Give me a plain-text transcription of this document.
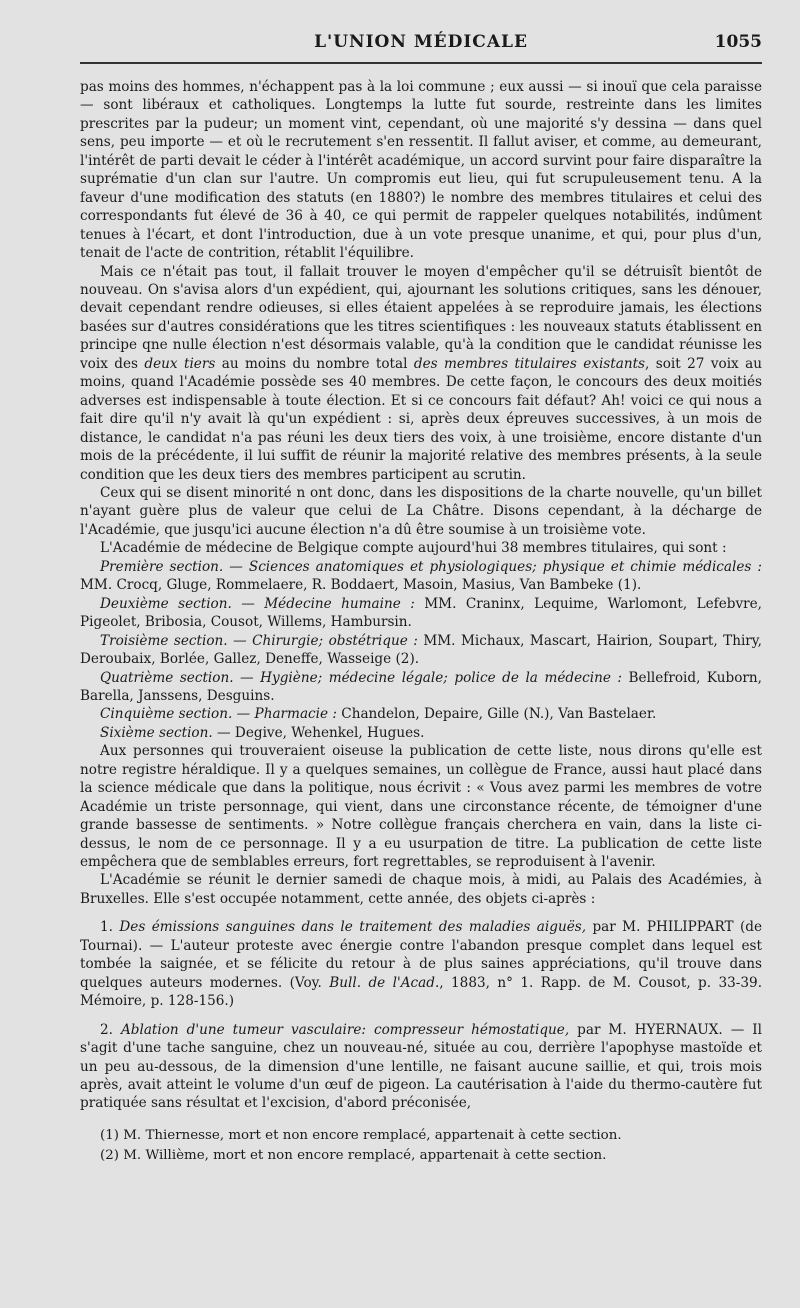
L'UNION MÉDICALE	1055

pas moins des hommes, n'échappent pas à la loi commune ; eux aussi — si inouï que cela paraisse — sont libéraux et catholiques. Longtemps la lutte fut sourde, restreinte dans les limites prescrites par la pudeur; un moment vint, cependant, où une majorité s'y dessina — dans quel sens, peu importe — et où le recrutement s'en ressentit. Il fallut aviser, et comme, au demeurant, l'intérêt de parti devait le céder à l'intérêt académique, un accord survint pour faire disparaître la suprématie d'un clan sur l'autre. Un compromis eut lieu, qui fut scrupuleusement tenu. A la faveur d'une modification des statuts (en 1880?) le nombre des membres titulaires et celui des correspondants fut élevé de 36 à 40, ce qui permit de rappeler quelques notabilités, indûment tenues à l'écart, et dont l'introduction, due à un vote presque unanime, et qui, pour plus d'un, tenait de l'acte de contrition, rétablit l'équilibre.

Mais ce n'était pas tout, il fallait trouver le moyen d'empêcher qu'il se détruisît bientôt de nouveau. On s'avisa alors d'un expédient, qui, ajournant les solutions critiques, sans les dénouer, devait cependant rendre odieuses, si elles étaient appelées à se reproduire jamais, les élections basées sur d'autres considérations que les titres scientifiques : les nouveaux statuts établissent en principe qne nulle élection n'est désormais valable, qu'à la condition que le candidat réunisse les voix des deux tiers au moins du nombre total des membres titulaires existants, soit 27 voix au moins, quand l'Académie possède ses 40 membres. De cette façon, le concours des deux moitiés adverses est indispensable à toute élection. Et si ce concours fait défaut? Ah! voici ce qui nous a fait dire qu'il n'y avait là qu'un expédient : si, après deux épreuves successives, à un mois de distance, le candidat n'a pas réuni les deux tiers des voix, à une troisième, encore distante d'un mois de la précédente, il lui suffit de réunir la majorité relative des membres présents, à la seule condition que les deux tiers des membres participent au scrutin.

Ceux qui se disent minorité n ont donc, dans les dispositions de la charte nouvelle, qu'un billet n'ayant guère plus de valeur que celui de La Châtre. Disons cependant, à la décharge de l'Académie, que jusqu'ici aucune élection n'a dû être soumise à un troisième vote.

L'Académie de médecine de Belgique compte aujourd'hui 38 membres titulaires, qui sont :

Première section. — Sciences anatomiques et physiologiques; physique et chimie médicales : MM. Crocq, Gluge, Rommelaere, R. Boddaert, Masoin, Masius, Van Bambeke (1).

Deuxième section. — Médecine humaine : MM. Craninx, Lequime, Warlomont, Lefebvre, Pigeolet, Bribosia, Cousot, Willems, Hambursin.

Troisième section. — Chirurgie; obstétrique : MM. Michaux, Mascart, Hairion, Soupart, Thiry, Deroubaix, Borlée, Gallez, Deneffe, Wasseige (2).

Quatrième section. — Hygiène; médecine légale; police de la médecine : Bellefroid, Kuborn, Barella, Janssens, Desguins.

Cinquième section. — Pharmacie : Chandelon, Depaire, Gille (N.), Van Bastelaer.

Sixième section. — Degive, Wehenkel, Hugues.

Aux personnes qui trouveraient oiseuse la publication de cette liste, nous dirons qu'elle est notre registre héraldique. Il y a quelques semaines, un collègue de France, aussi haut placé dans la science médicale que dans la politique, nous écrivit : « Vous avez parmi les membres de votre Académie un triste personnage, qui vient, dans une circonstance récente, de témoigner d'une grande bassesse de sentiments. » Notre collègue français cherchera en vain, dans la liste ci-dessus, le nom de ce personnage. Il y a eu usurpation de titre. La publication de cette liste empêchera que de semblables erreurs, fort regrettables, se reproduisent à l'avenir.

L'Académie se réunit le dernier samedi de chaque mois, à midi, au Palais des Académies, à Bruxelles. Elle s'est occupée notamment, cette année, des objets ci-après :

1. Des émissions sanguines dans le traitement des maladies aiguës, par M. PHILIPPART (de Tournai). — L'auteur proteste avec énergie contre l'abandon presque complet dans lequel est tombée la saignée, et se félicite du retour à de plus saines appréciations, qu'il trouve dans quelques auteurs modernes. (Voy. Bull. de l'Acad., 1883, n° 1. Rapp. de M. Cousot, p. 33-39. Mémoire, p. 128-156.)

2. Ablation d'une tumeur vasculaire: compresseur hémostatique, par M. HYERNAUX. — Il s'agit d'une tache sanguine, chez un nouveau-né, située au cou, derrière l'apophyse mastoïde et un peu au-dessous, de la dimension d'une lentille, ne faisant aucune saillie, et qui, trois mois après, avait atteint le volume d'un œuf de pigeon. La cautérisation à l'aide du thermo-cautère fut pratiquée sans résultat et l'excision, d'abord préconisée,

(1) M. Thiernesse, mort et non encore remplacé, appartenait à cette section.

(2) M. Willième, mort et non encore remplacé, appartenait à cette section.
